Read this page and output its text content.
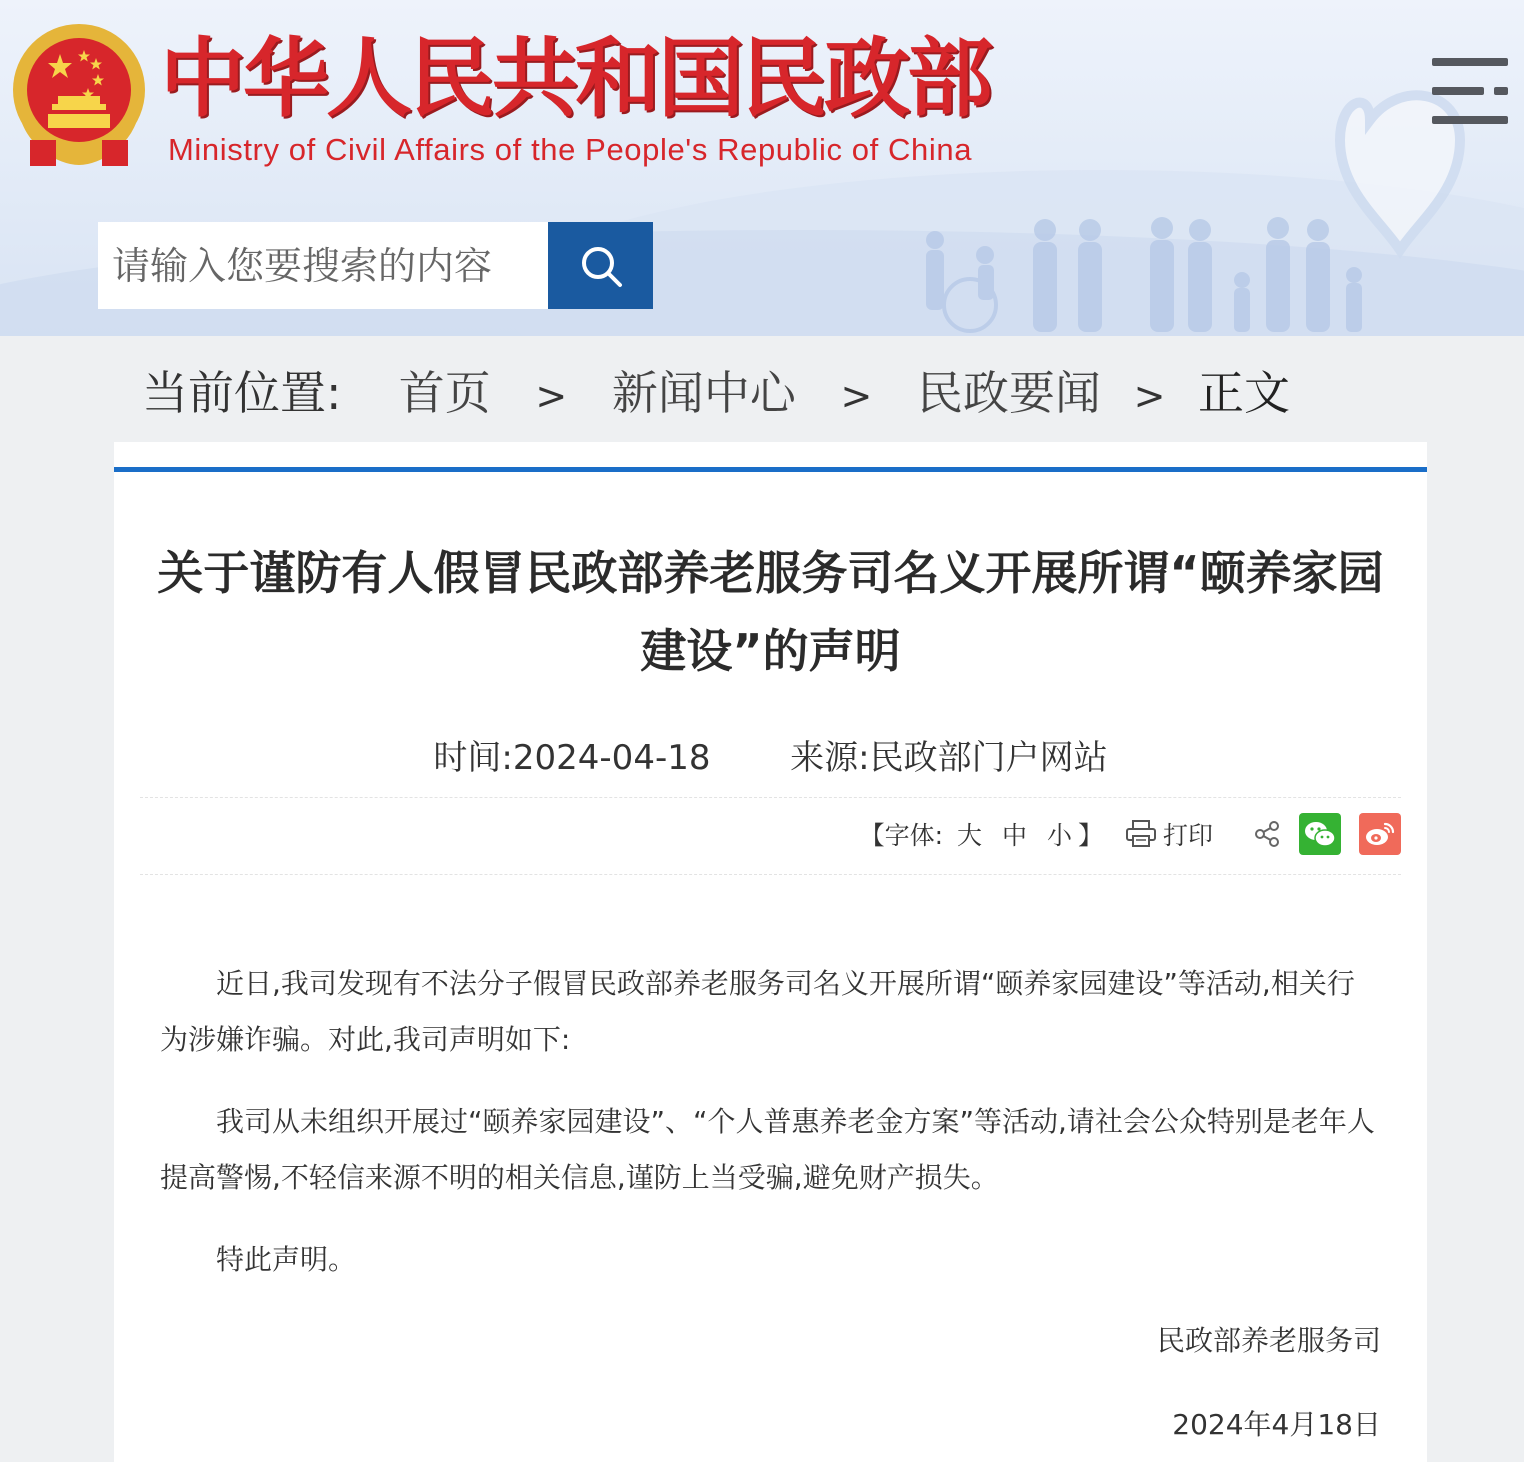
中华人民共和国民政部
Ministry of Civil Affairs of the People's Republic of China
请输入您要搜索的内容
当前位置: 首页 > 新闻中心 > 民政要闻 > 正文
关于谨防有人假冒民政部养老服务司名义开展所谓“颐养家园建设”的声明
时间:2024-04-18 来源:民政部门户网站
【字体: 大 中 小 】 打印

近日,我司发现有不法分子假冒民政部养老服务司名义开展所谓“颐养家园建设”等活动,相关行为涉嫌诈骗。对此,我司声明如下:

我司从未组织开展过“颐养家园建设”、“个人普惠养老金方案”等活动,请社会公众特别是老年人提高警惕,不轻信来源不明的相关信息,谨防上当受骗,避免财产损失。

特此声明。

民政部养老服务司
2024年4月18日
